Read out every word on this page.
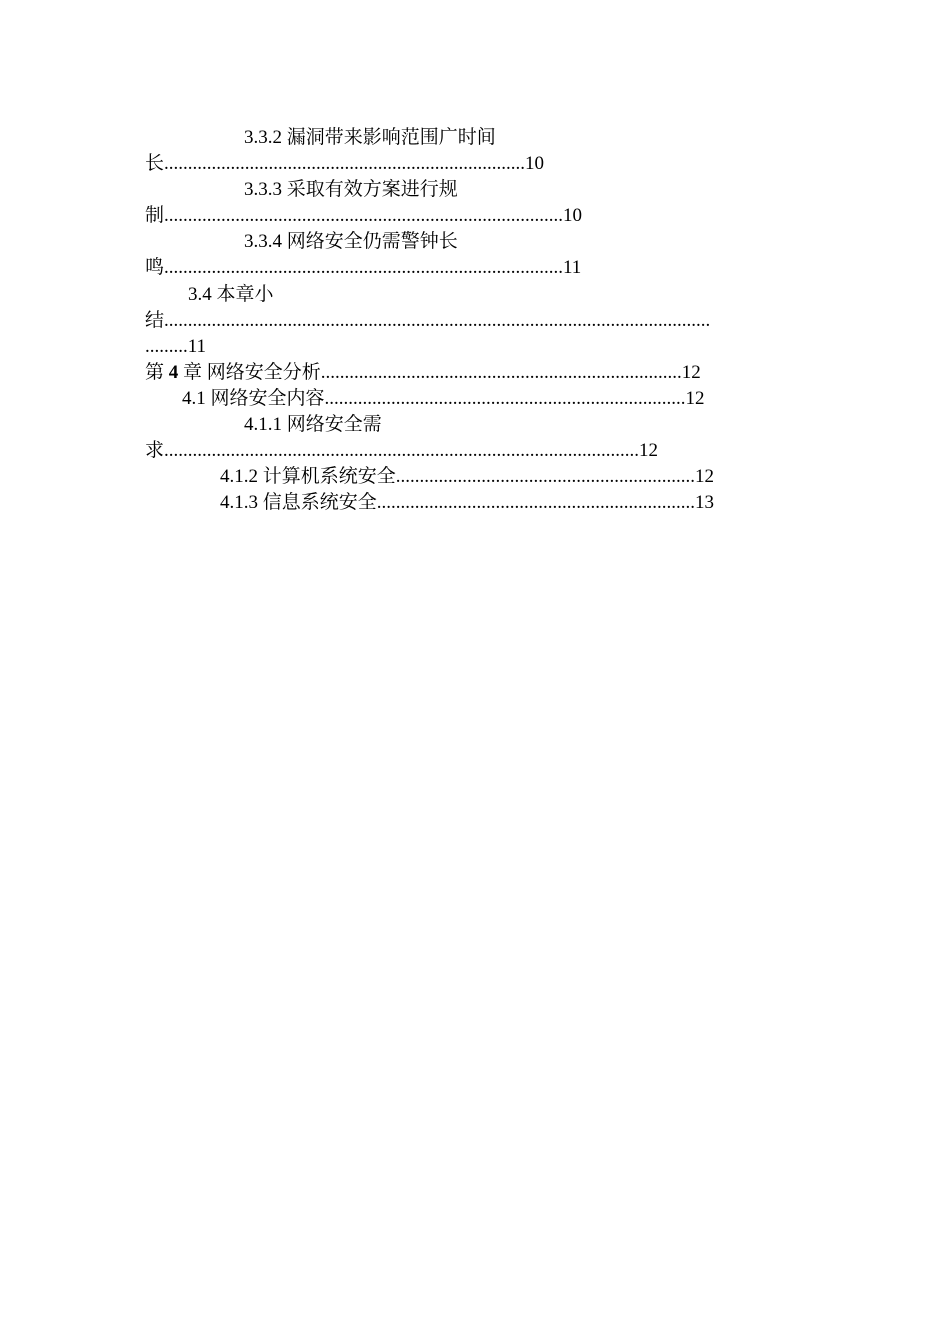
3.3.2 漏洞带来影响范围广时间
长............................................................................10
3.3.3 采取有效方案进行规
制....................................................................................10
3.3.4 网络安全仍需警钟长
鸣....................................................................................11
3.4 本章小
结...................................................................................................................
.........11
第 4 章 网络安全分析............................................................................12
4.1 网络安全内容............................................................................12
4.1.1 网络安全需
求....................................................................................................12
4.1.2 计算机系统安全...............................................................12
4.1.3 信息系统安全...................................................................13
